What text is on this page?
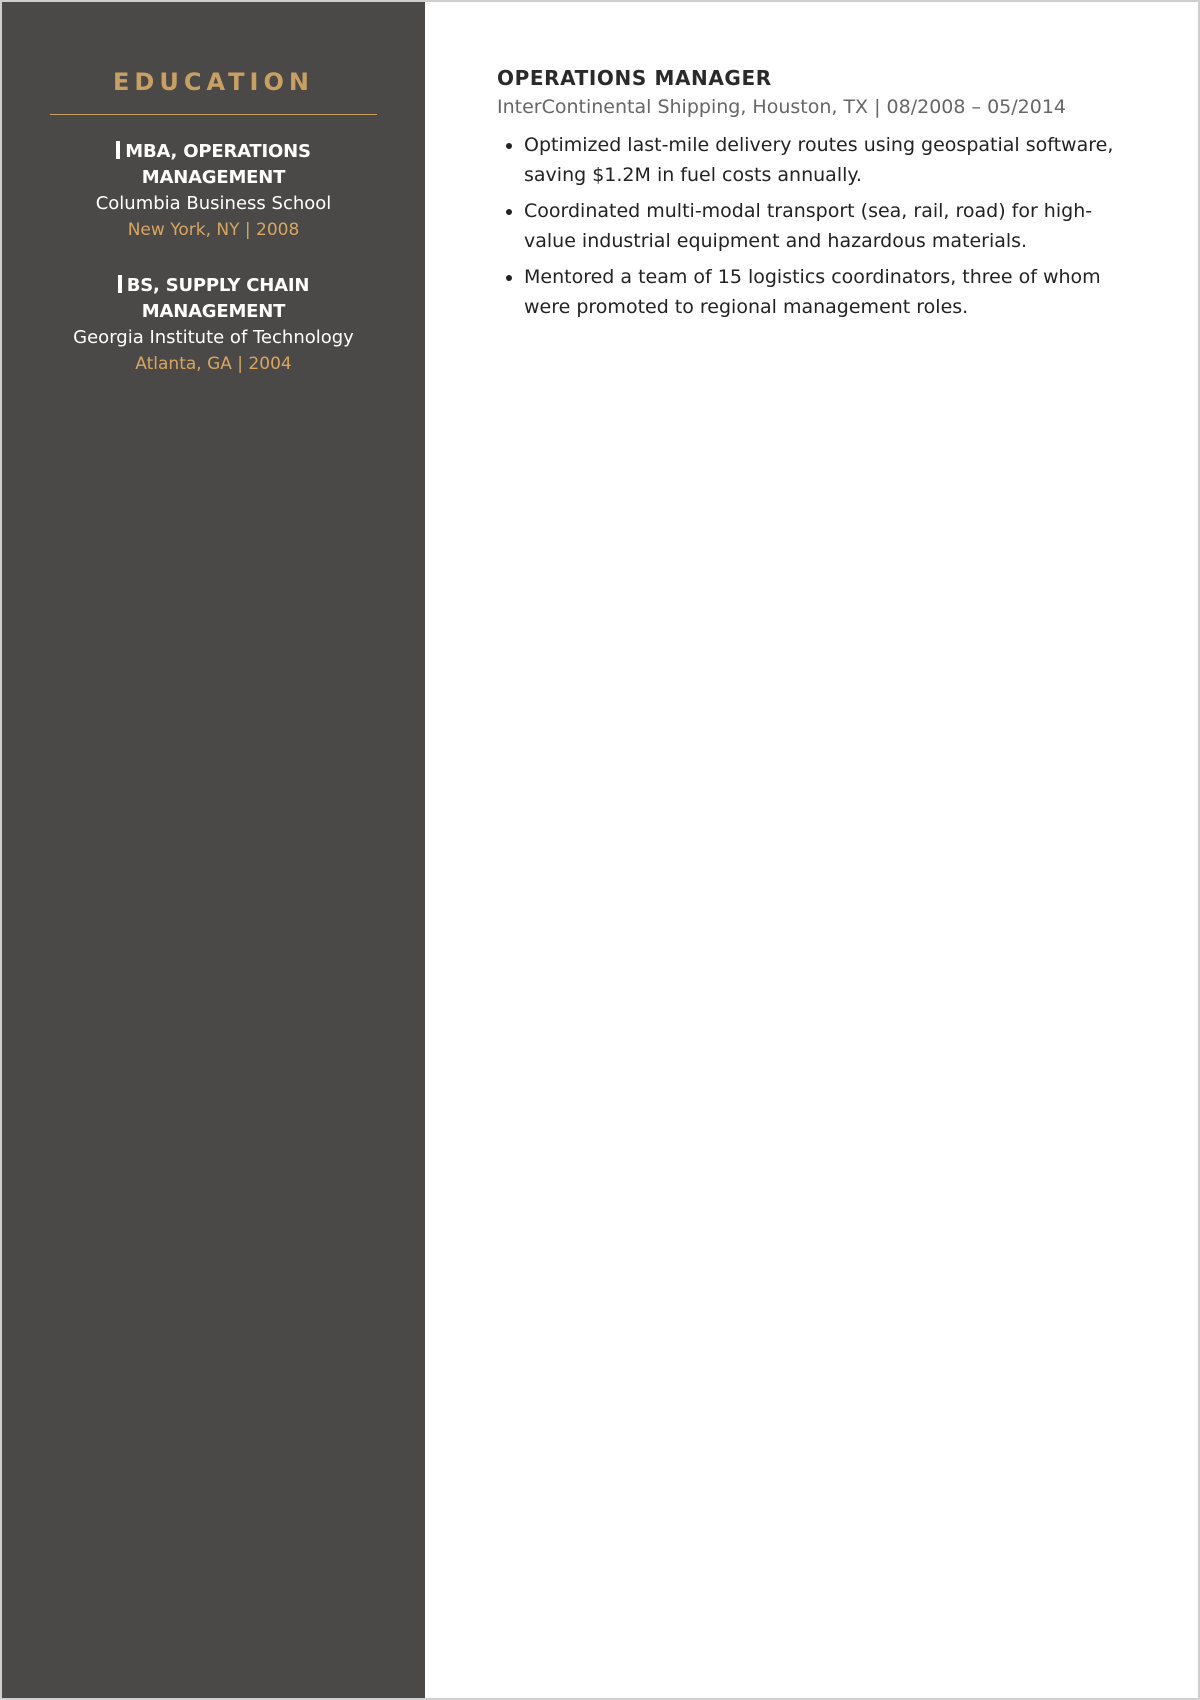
EDUCATION
MBA, OPERATIONS MANAGEMENT
Columbia Business School
New York, NY | 2008
BS, SUPPLY CHAIN MANAGEMENT
Georgia Institute of Technology
Atlanta, GA | 2004
OPERATIONS MANAGER
InterContinental Shipping, Houston, TX | 08/2008 – 05/2014
• Optimized last-mile delivery routes using geospatial software, saving $1.2M in fuel costs annually.
• Coordinated multi-modal transport (sea, rail, road) for high-value industrial equipment and hazardous materials.
• Mentored a team of 15 logistics coordinators, three of whom were promoted to regional management roles.
